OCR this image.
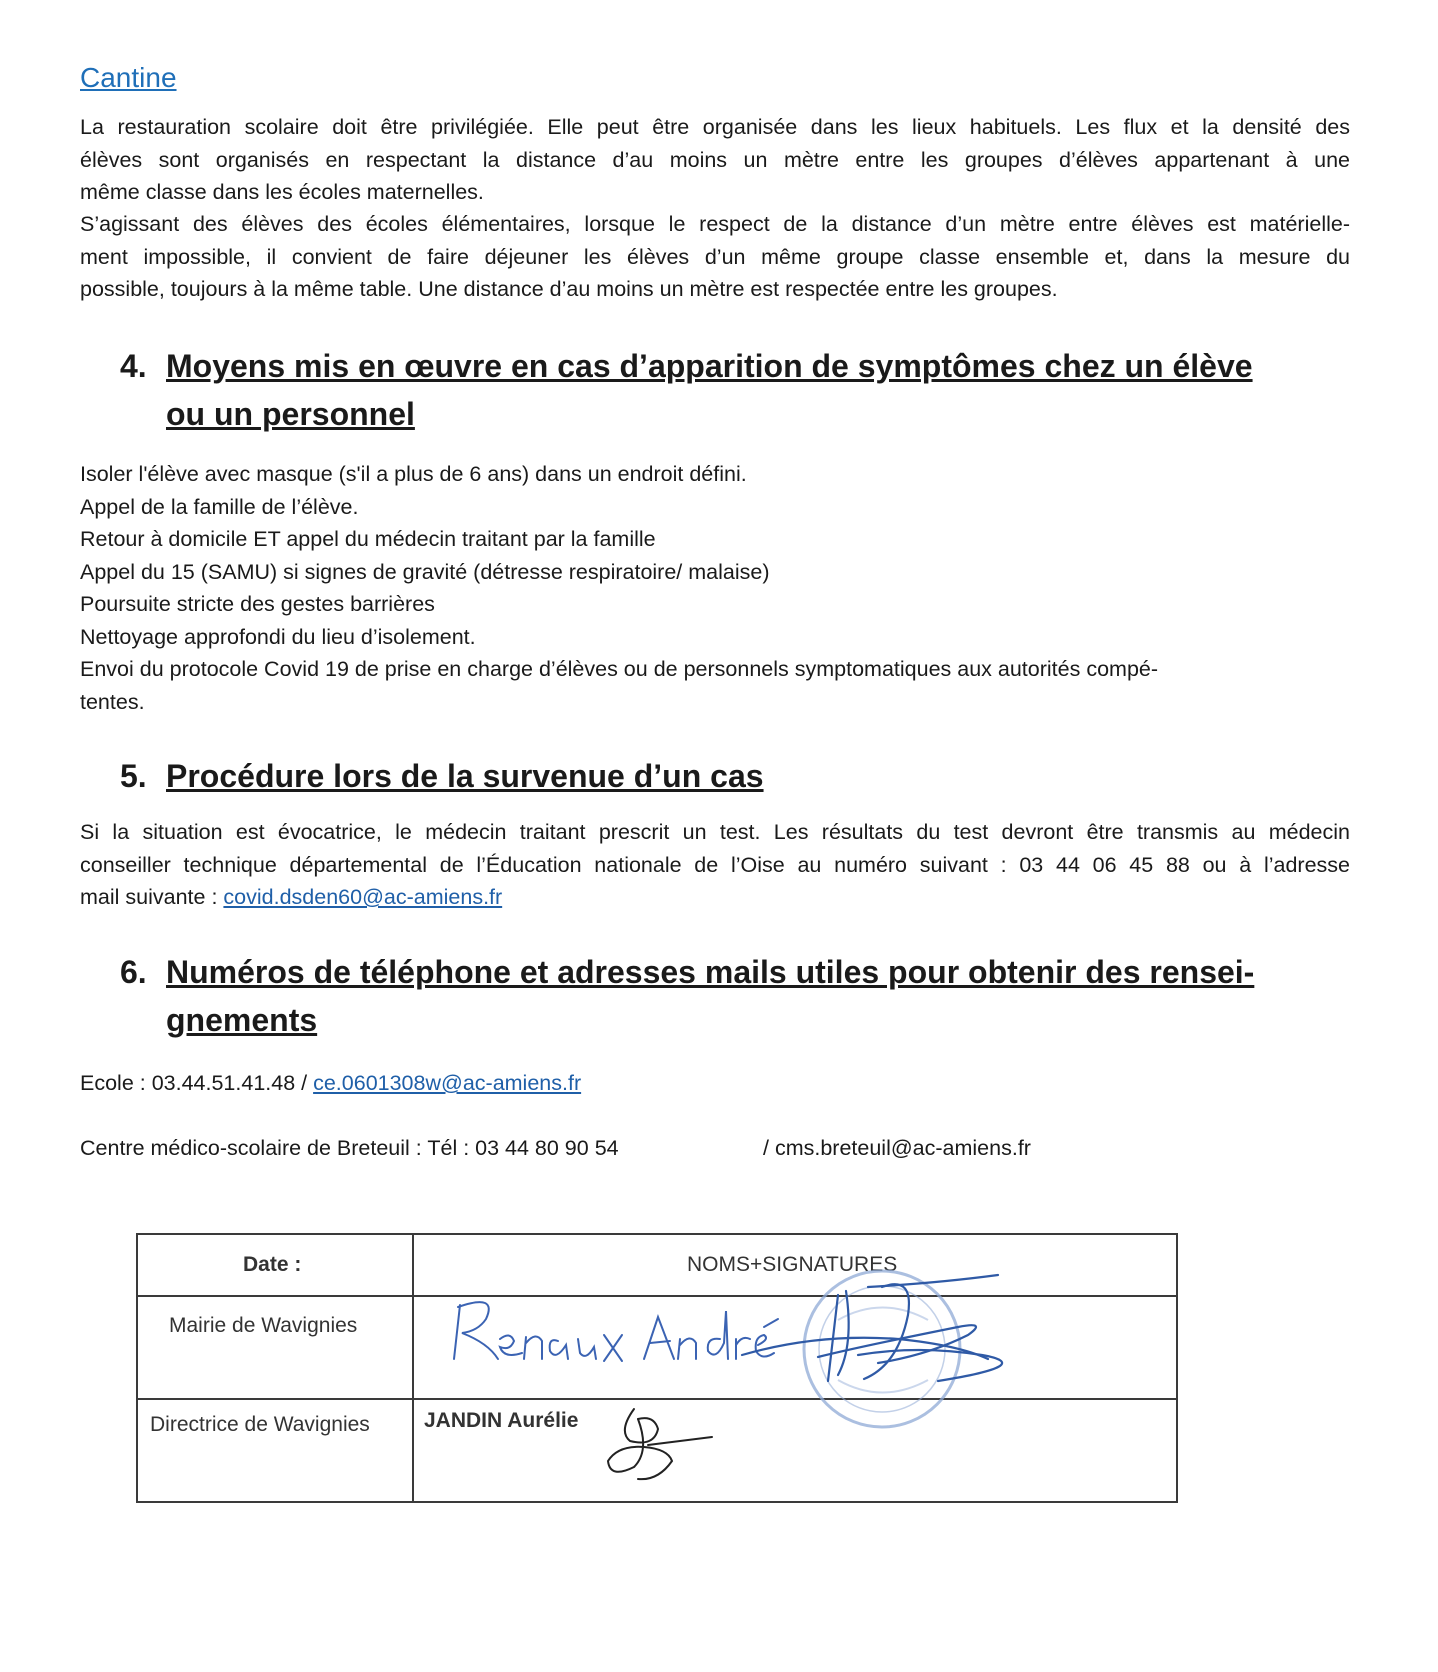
Cantine
La restauration scolaire doit être privilégiée. Elle peut être organisée dans les lieux habituels. Les flux et la densité des
élèves sont organisés en respectant la distance d’au moins un mètre entre les groupes d’élèves appartenant à une
même classe dans les écoles maternelles.
S’agissant des élèves des écoles élémentaires, lorsque le respect de la distance d’un mètre entre élèves est matérielle-
ment impossible, il convient de faire déjeuner les élèves d’un même groupe classe ensemble et, dans la mesure du
possible, toujours à la même table. Une distance d’au moins un mètre est respectée entre les groupes.
4. Moyens mis en œuvre en cas d’apparition de symptômes chez un élève
ou un personnel
Isoler l'élève avec masque (s'il a plus de 6 ans) dans un endroit défini.
Appel de la famille de l’élève.
Retour à domicile ET appel du médecin traitant par la famille
Appel du 15 (SAMU) si signes de gravité (détresse respiratoire/ malaise)
Poursuite stricte des gestes barrières
Nettoyage approfondi du lieu d’isolement.
Envoi du protocole Covid 19 de prise en charge d’élèves ou de personnels symptomatiques aux autorités compé-
tentes.
5. Procédure lors de la survenue d’un cas
Si la situation est évocatrice, le médecin traitant prescrit un test. Les résultats du test devront être transmis au médecin
conseiller technique départemental de l’Éducation nationale de l’Oise au numéro suivant : 03 44 06 45 88 ou à l’adresse
mail suivante : covid.dsden60@ac-amiens.fr
6. Numéros de téléphone et adresses mails utiles pour obtenir des rensei-
gnements
Ecole : 03.44.51.41.48 / ce.0601308w@ac-amiens.fr
Centre médico-scolaire de Breteuil : Tél : 03 44 80 90 54	/ cms.breteuil@ac-amiens.fr
Date :	NOMS+SIGNATURES
Mairie de Wavignies
Directrice de Wavignies	JANDIN Aurélie
